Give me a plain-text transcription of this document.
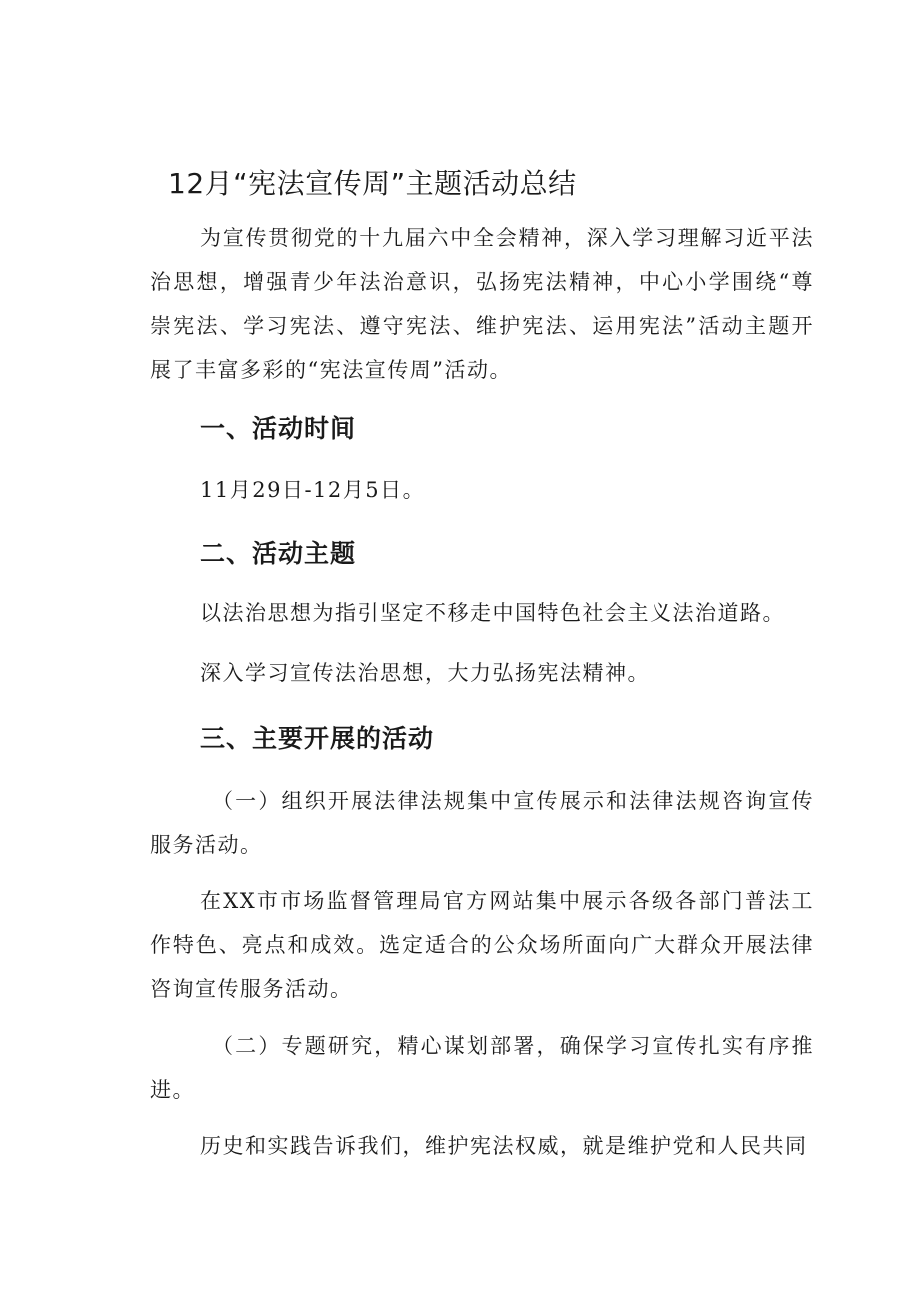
12月“宪法宣传周”主题活动总结

为宣传贯彻党的十九届六中全会精神，深入学习理解习近平法治思想，增强青少年法治意识，弘扬宪法精神，中心小学围绕“尊崇宪法、学习宪法、遵守宪法、维护宪法、运用宪法”活动主题开展了丰富多彩的“宪法宣传周”活动。

一、活动时间

11月29日-12月5日。

二、活动主题

以法治思想为指引坚定不移走中国特色社会主义法治道路。

深入学习宣传法治思想，大力弘扬宪法精神。

三、主要开展的活动

（一）组织开展法律法规集中宣传展示和法律法规咨询宣传服务活动。

在XX市市场监督管理局官方网站集中展示各级各部门普法工作特色、亮点和成效。选定适合的公众场所面向广大群众开展法律咨询宣传服务活动。

（二）专题研究，精心谋划部署，确保学习宣传扎实有序推进。

历史和实践告诉我们，维护宪法权威，就是维护党和人民共同
